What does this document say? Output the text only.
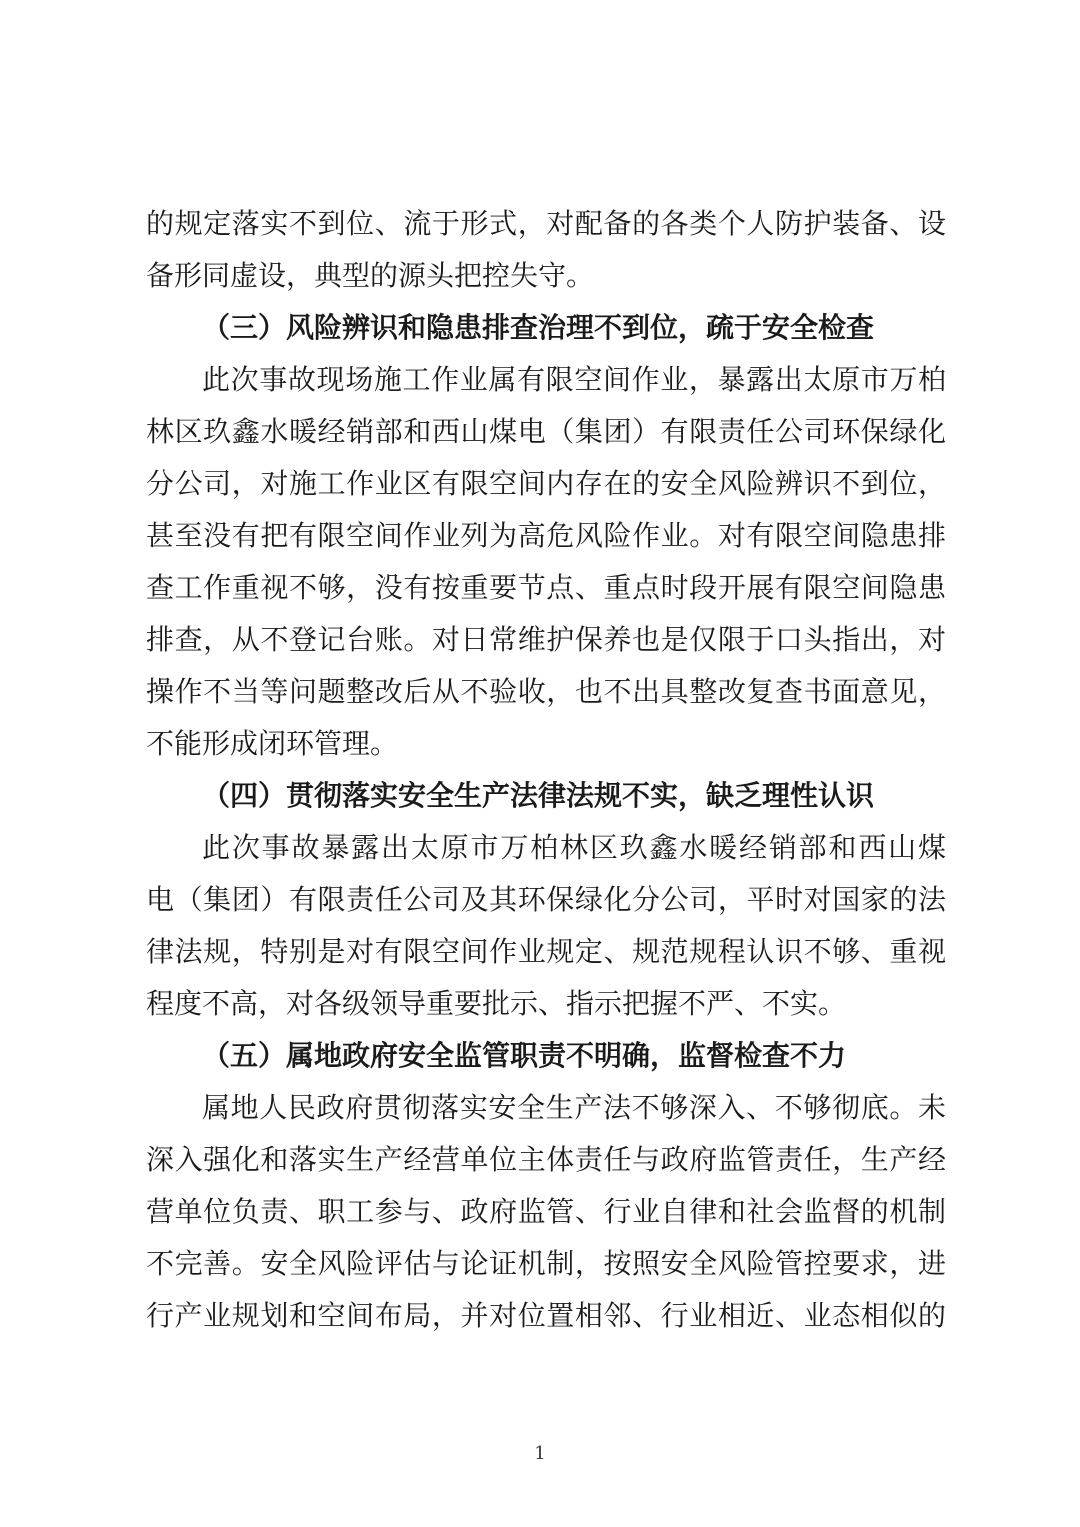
的规定落实不到位、流于形式，对配备的各类个人防护装备、设
备形同虚设，典型的源头把控失守。
（三）风险辨识和隐患排查治理不到位，疏于安全检查
此次事故现场施工作业属有限空间作业，暴露出太原市万柏
林区玖鑫水暖经销部和西山煤电（集团）有限责任公司环保绿化
分公司，对施工作业区有限空间内存在的安全风险辨识不到位，
甚至没有把有限空间作业列为高危风险作业。对有限空间隐患排
查工作重视不够，没有按重要节点、重点时段开展有限空间隐患
排查，从不登记台账。对日常维护保养也是仅限于口头指出，对
操作不当等问题整改后从不验收，也不出具整改复查书面意见，
不能形成闭环管理。
（四）贯彻落实安全生产法律法规不实，缺乏理性认识
此次事故暴露出太原市万柏林区玖鑫水暖经销部和西山煤
电（集团）有限责任公司及其环保绿化分公司，平时对国家的法
律法规，特别是对有限空间作业规定、规范规程认识不够、重视
程度不高，对各级领导重要批示、指示把握不严、不实。
（五）属地政府安全监管职责不明确，监督检查不力
属地人民政府贯彻落实安全生产法不够深入、不够彻底。未
深入强化和落实生产经营单位主体责任与政府监管责任，生产经
营单位负责、职工参与、政府监管、行业自律和社会监督的机制
不完善。安全风险评估与论证机制，按照安全风险管控要求，进
行产业规划和空间布局，并对位置相邻、行业相近、业态相似的
1
